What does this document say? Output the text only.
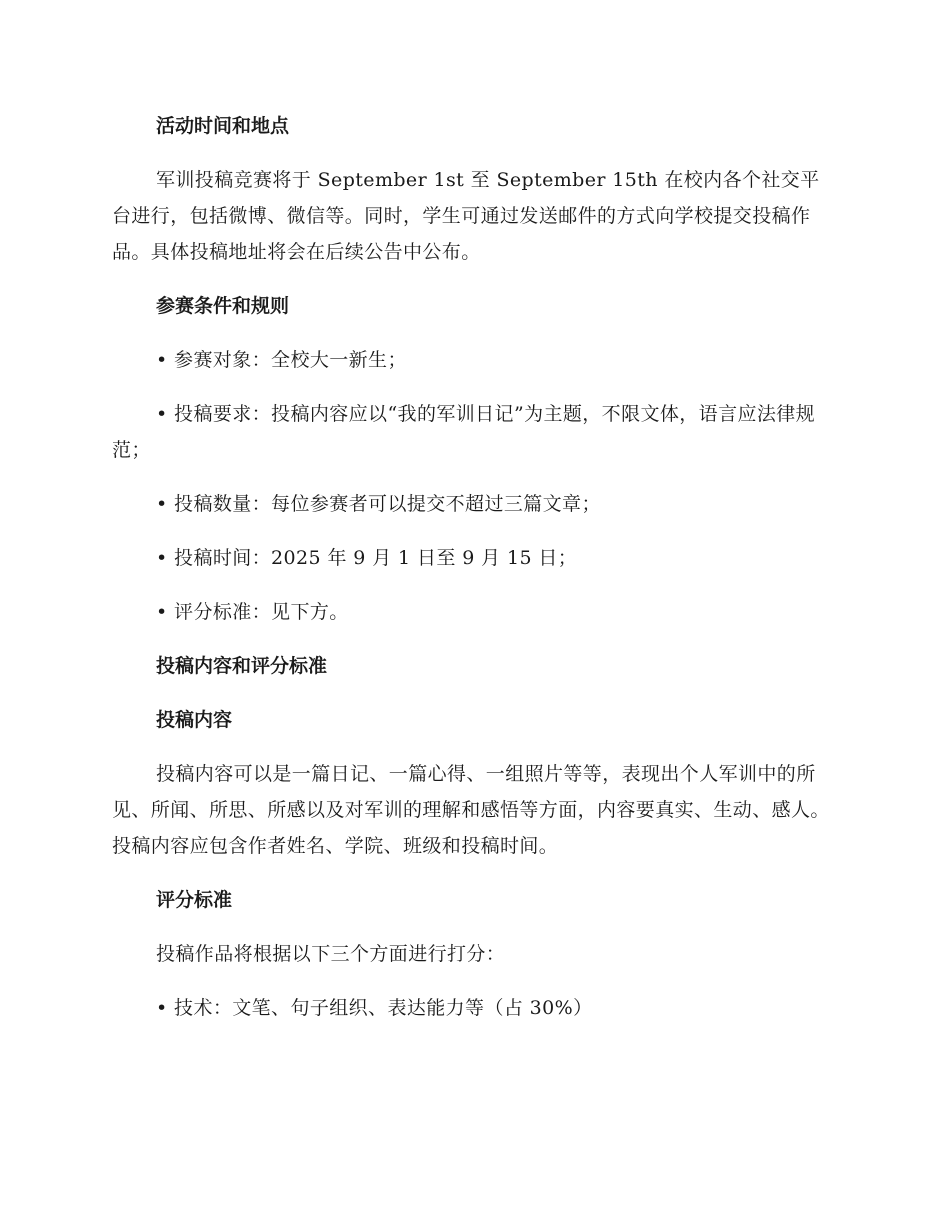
活动时间和地点
军训投稿竞赛将于 September 1st 至 September 15th 在校内各个社交平台进行，包括微博、微信等。同时，学生可通过发送邮件的方式向学校提交投稿作品。具体投稿地址将会在后续公告中公布。
参赛条件和规则
• 参赛对象：全校大一新生；
• 投稿要求：投稿内容应以“我的军训日记”为主题，不限文体，语言应法律规范；
• 投稿数量：每位参赛者可以提交不超过三篇文章；
• 投稿时间：2025 年 9 月 1 日至 9 月 15 日；
• 评分标准：见下方。
投稿内容和评分标准
投稿内容
投稿内容可以是一篇日记、一篇心得、一组照片等等，表现出个人军训中的所见、所闻、所思、所感以及对军训的理解和感悟等方面，内容要真实、生动、感人。投稿内容应包含作者姓名、学院、班级和投稿时间。
评分标准
投稿作品将根据以下三个方面进行打分：
• 技术：文笔、句子组织、表达能力等（占 30%）
